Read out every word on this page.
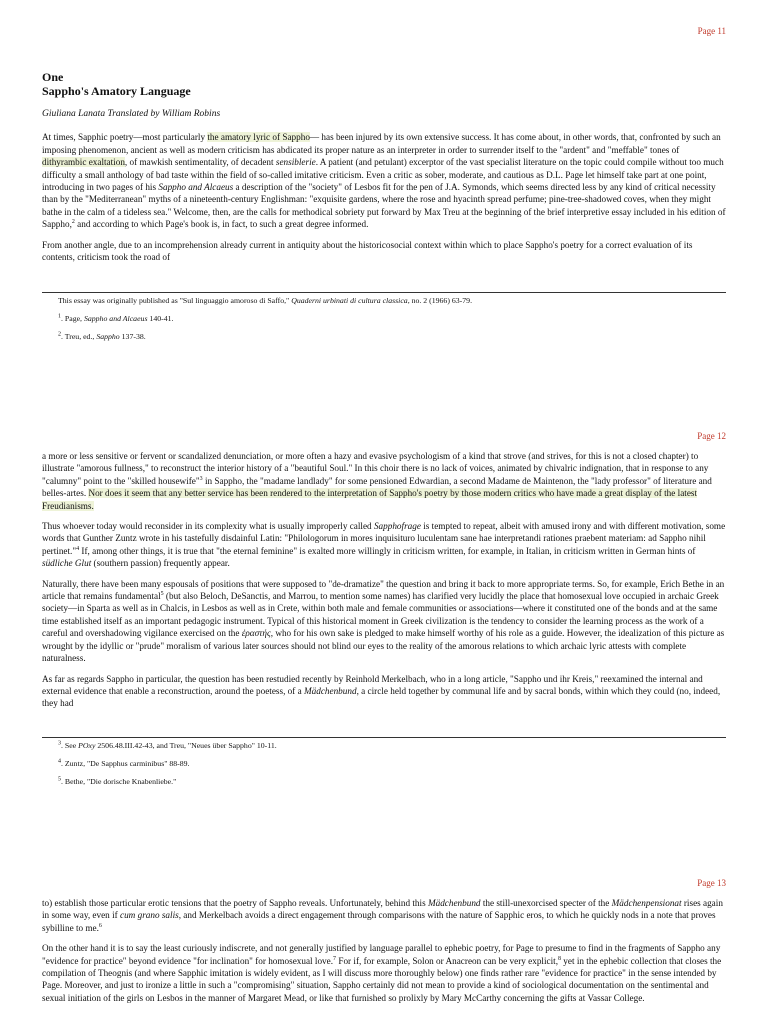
Page 11
One
Sappho's Amatory Language
Giuliana Lanata Translated by William Robins

At times, Sapphic poetry—most particularly the amatory lyric of Sappho— has been injured by its own extensive success. It has come about, in other words, that, confronted by such an imposing phenomenon, ancient as well as modern criticism has abdicated its proper nature as an interpreter in order to surrender itself to the "ardent" and "meffable" tones of dithyrambic exaltation, of mawkish sentimentality, of decadent sensiblerie. A patient (and petulant) excerptor of the vast specialist literature on the topic could compile without too much difficulty a small anthology of bad taste within the field of so-called imitative criticism. Even a critic as sober, moderate, and cautious as D.L. Page let himself take part at one point, introducing in two pages of his Sappho and Alcaeus a description of the "society" of Lesbos fit for the pen of J.A. Symonds, which seems directed less by any kind of critical necessity than by the "Mediterranean" myths of a nineteenth-century Englishman: "exquisite gardens, where the rose and hyacinth spread perfume; pine-tree-shadowed coves, when they might bathe in the calm of a tideless sea." Welcome, then, are the calls for methodical sobriety put forward by Max Treu at the beginning of the brief interpretive essay included in his edition of Sappho,$^2$ and according to which Page's book is, in fact, to such a great degree informed.

From another angle, due to an incomprehension already current in antiquity about the historicosocial context within which to place Sappho's poetry for a correct evaluation of its contents, criticism took the road of

This essay was originally published as "Sul linguaggio amoroso di Saffo," Quaderni urbinati di cultura classica, no. 2 (1966) 63-79.
$^1$. Page, Sappho and Alcaeus 140-41.
$^2$. Treu, ed., Sappho 137-38.
Page 12

a more or less sensitive or fervent or scandalized denunciation, or more often a hazy and evasive psychologism of a kind that strove (and strives, for this is not a closed chapter) to illustrate "amorous fullness," to reconstruct the interior history of a "beautiful Soul." In this choir there is no lack of voices, animated by chivalric indignation, that in response to any "calumny" point to the "skilled housewife"$^3$ in Sappho, the "madame landlady" for some pensioned Edwardian, a second Madame de Maintenon, the "lady professor" of literature and belles-artes. Nor does it seem that any better service has been rendered to the interpretation of Sappho's poetry by those modern critics who have made a great display of the latest Freudianisms.

Thus whoever today would reconsider in its complexity what is usually improperly called Sapphofrage is tempted to repeat, albeit with amused irony and with different motivation, some words that Gunther Zuntz wrote in his tastefully disdainful Latin: "Philologorum in mores inquisituro luculentam sane hae interpretandi rationes praebent materiam: ad Sappho nihil pertinet."$^4$ If, among other things, it is true that "the eternal feminine" is exalted more willingly in criticism written, for example, in Italian, in criticism written in German hints of südliche Glut (southern passion) frequently appear.

Naturally, there have been many espousals of positions that were supposed to "de-dramatize" the question and bring it back to more appropriate terms. So, for example, Erich Bethe in an article that remains fundamental$^5$ (but also Beloch, DeSanctis, and Marrou, to mention some names) has clarified very lucidly the place that homosexual love occupied in archaic Greek society—in Sparta as well as in Chalcis, in Lesbos as well as in Crete, within both male and female communities or associations—where it constituted one of the bonds and at the same time established itself as an important pedagogic instrument. Typical of this historical moment in Greek civilization is the tendency to consider the learning process as the work of a careful and overshadowing vigilance exercised on the ἐραστής, who for his own sake is pledged to make himself worthy of his role as a guide. However, the idealization of this picture as wrought by the idyllic or "prude" moralism of various later sources should not blind our eyes to the reality of the amorous relations to which archaic lyric attests with complete naturalness.

As far as regards Sappho in particular, the question has been restudied recently by Reinhold Merkelbach, who in a long article, "Sappho und ihr Kreis," reexamined the internal and external evidence that enable a reconstruction, around the poetess, of a Mädchenbund, a circle held together by communal life and by sacral bonds, within which they could (no, indeed, they had

$^3$. See POxy 2506.48.III.42-43, and Treu, "Neues über Sappho" 10-11.
$^4$. Zuntz, "De Sapphus carminibus" 88-89.
$^5$. Bethe, "Die dorische Knabenliebe."
Page 13

to) establish those particular erotic tensions that the poetry of Sappho reveals. Unfortunately, behind this Mädchenbund the still-unexorcised specter of the Mädchenpensionat rises again in some way, even if cum grano salis, and Merkelbach avoids a direct engagement through comparisons with the nature of Sapphic eros, to which he quickly nods in a note that proves sybilline to me.$^6$

On the other hand it is to say the least curiously indiscrete, and not generally justified by language parallel to ephebic poetry, for Page to presume to find in the fragments of Sappho any "evidence for practice" beyond evidence "for inclination" for homosexual love.$^7$ For if, for example, Solon or Anacreon can be very explicit,$^8$ yet in the ephebic collection that closes the compilation of Theognis (and where Sapphic imitation is widely evident, as I will discuss more thoroughly below) one finds rather rare "evidence for practice" in the sense intended by Page. Moreover, and just to ironize a little in such a "compromising" situation, Sappho certainly did not mean to provide a kind of sociological documentation on the sentimental and sexual initiation of the girls on Lesbos in the manner of Margaret Mead, or like that furnished so prolixly by Mary McCarthy concerning the gifts at Vassar College.
